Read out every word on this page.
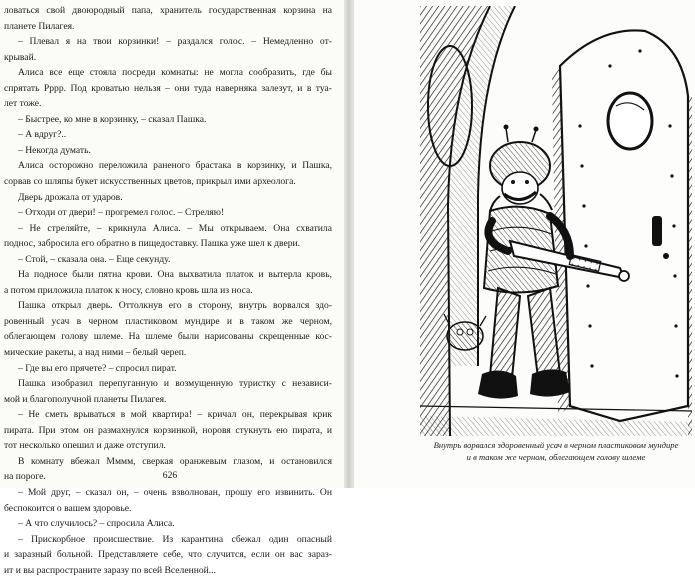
ловаться свой двоюродный папа, хранитель государственная корзина на
планете Пилагея.
– Плевал я на твои корзинки! – раздался голос. – Немедленно от-
крывай.
Алиса все еще стояла посреди комнаты: не могла сообразить, где бы
спрятать Рррр. Под кроватью нельзя – они туда наверняка залезут, и в туа-
лет тоже.
– Быстрее, ко мне в корзинку, – сказал Пашка.
– А вдруг?..
– Некогда думать.
Алиса осторожно переложила раненого брастака в корзинку, и Пашка,
сорвав со шляпы букет искусственных цветов, прикрыл ими археолога.
Дверь дрожала от ударов.
– Отходи от двери! – прогремел голос. – Стреляю!
– Не стреляйте, – крикнула Алиса. – Мы открываем. Она схватила
поднос, забросила его обратно в пищедоставку. Пашка уже шел к двери.
– Стой, – сказала она. – Еще секунду.
На подносе были пятна крови. Она выхватила платок и вытерла кровь,
а потом приложила платок к носу, словно кровь шла из носа.
Пашка открыл дверь. Оттолкнув его в сторону, внутрь ворвался здо-
ровенный усач в черном пластиковом мундире и в таком же черном,
облегающем голову шлеме. На шлеме были нарисованы скрещенные кос-
мические ракеты, а над ними – белый череп.
– Где вы его прячете? – спросил пират.
Пашка изобразил перепуганную и возмущенную туристку с независи-
мой и благополучной планеты Пилагея.
– Не сметь врываться в мой квартира! – кричал он, перекрывая крик
пирата. При этом он размахнулся корзинкой, норовя стукнуть ею пирата, и
тот несколько опешил и даже отступил.
В комнату вбежал Мммм, сверкая оранжевым глазом, и остановился
на пороге.
– Мой друг, – сказал он, – очень взволнован, прошу его извинить. Он
беспокоится о вашем здоровье.
– А что случилось? – спросила Алиса.
– Прискорбное происшествие. Из карантина сбежал один опасный
и заразный больной. Представляете себе, что случится, если он вас зараз-
ит и вы распространите заразу по всей Вселенной...
626
Внутрь ворвался здоровенный усач в черном пластиковом мундире
и в таком же черном, облегающем голову шлеме
